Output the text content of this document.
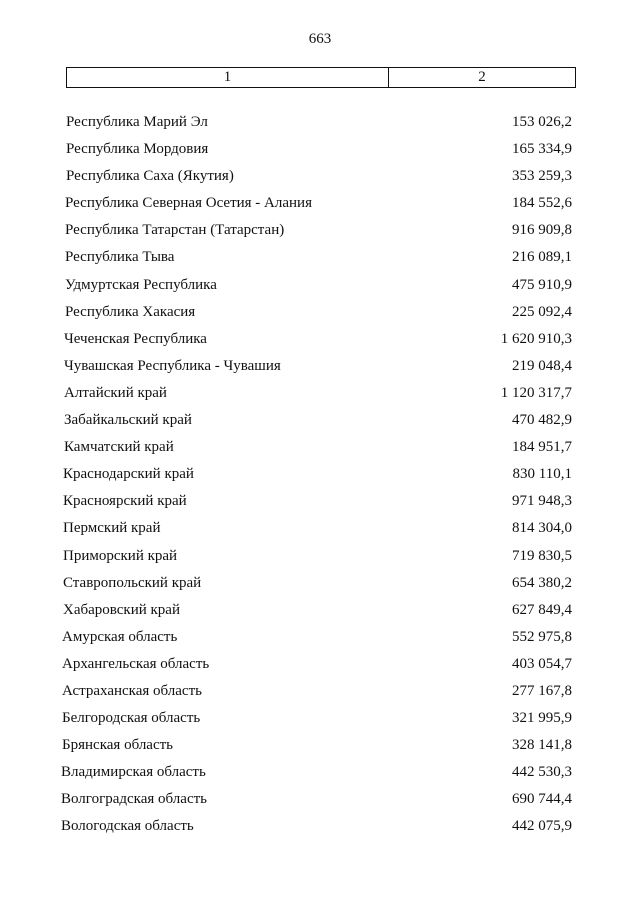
663
1	2
Республика Марий Эл	153 026,2
Республика Мордовия	165 334,9
Республика Саха (Якутия)	353 259,3
Республика Северная Осетия - Алания	184 552,6
Республика Татарстан (Татарстан)	916 909,8
Республика Тыва	216 089,1
Удмуртская Республика	475 910,9
Республика Хакасия	225 092,4
Чеченская Республика	1 620 910,3
Чувашская Республика - Чувашия	219 048,4
Алтайский край	1 120 317,7
Забайкальский край	470 482,9
Камчатский край	184 951,7
Краснодарский край	830 110,1
Красноярский край	971 948,3
Пермский край	814 304,0
Приморский край	719 830,5
Ставропольский край	654 380,2
Хабаровский край	627 849,4
Амурская область	552 975,8
Архангельская область	403 054,7
Астраханская область	277 167,8
Белгородская область	321 995,9
Брянская область	328 141,8
Владимирская область	442 530,3
Волгоградская область	690 744,4
Вологодская область	442 075,9
